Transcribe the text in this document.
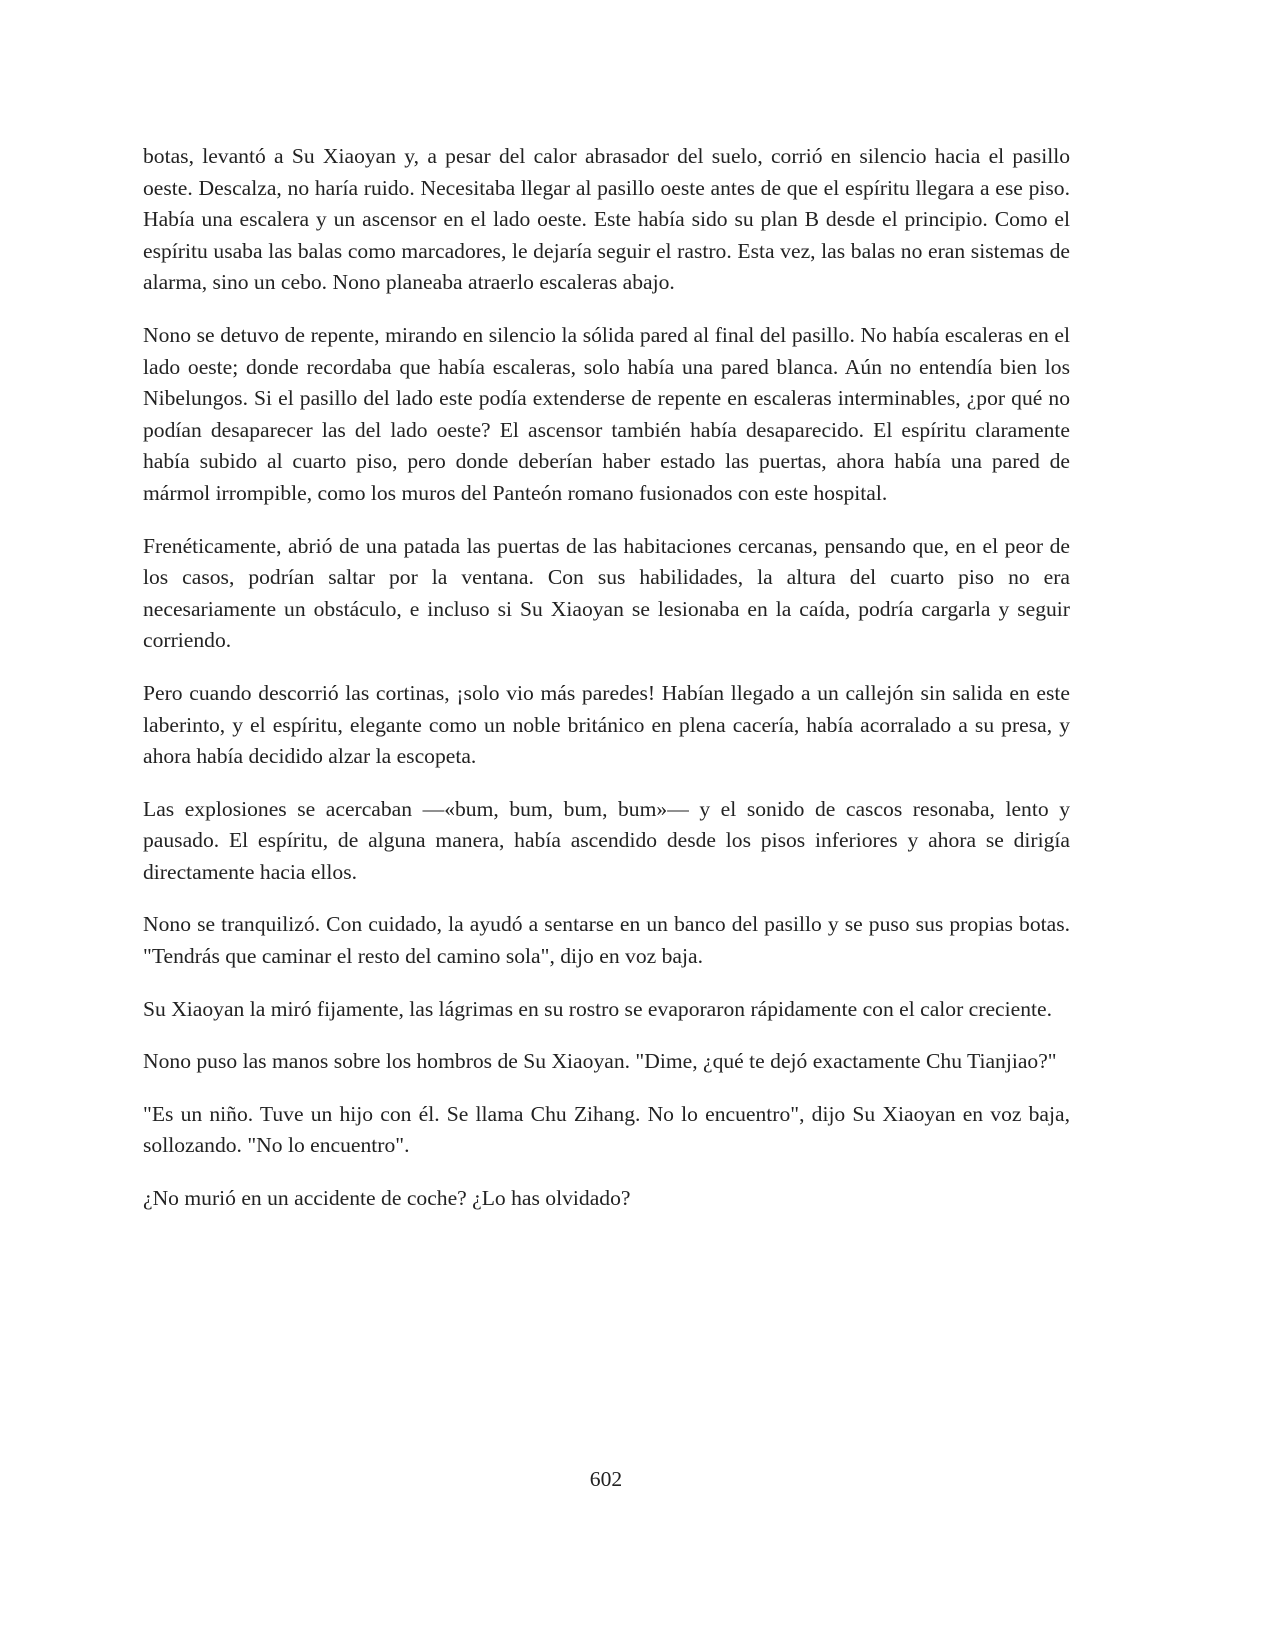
botas, levantó a Su Xiaoyan y, a pesar del calor abrasador del suelo, corrió en silencio hacia el pasillo oeste. Descalza, no haría ruido. Necesitaba llegar al pasillo oeste antes de que el espíritu llegara a ese piso. Había una escalera y un ascensor en el lado oeste. Este había sido su plan B desde el principio. Como el espíritu usaba las balas como marcadores, le dejaría seguir el rastro. Esta vez, las balas no eran sistemas de alarma, sino un cebo. Nono planeaba atraerlo escaleras abajo.

Nono se detuvo de repente, mirando en silencio la sólida pared al final del pasillo. No había escaleras en el lado oeste; donde recordaba que había escaleras, solo había una pared blanca. Aún no entendía bien los Nibelungos. Si el pasillo del lado este podía extenderse de repente en escaleras interminables, ¿por qué no podían desaparecer las del lado oeste? El ascensor también había desaparecido. El espíritu claramente había subido al cuarto piso, pero donde deberían haber estado las puertas, ahora había una pared de mármol irrompible, como los muros del Panteón romano fusionados con este hospital.

Frenéticamente, abrió de una patada las puertas de las habitaciones cercanas, pensando que, en el peor de los casos, podrían saltar por la ventana. Con sus habilidades, la altura del cuarto piso no era necesariamente un obstáculo, e incluso si Su Xiaoyan se lesionaba en la caída, podría cargarla y seguir corriendo.

Pero cuando descorrió las cortinas, ¡solo vio más paredes! Habían llegado a un callejón sin salida en este laberinto, y el espíritu, elegante como un noble británico en plena cacería, había acorralado a su presa, y ahora había decidido alzar la escopeta.

Las explosiones se acercaban —«bum, bum, bum, bum»— y el sonido de cascos resonaba, lento y pausado. El espíritu, de alguna manera, había ascendido desde los pisos inferiores y ahora se dirigía directamente hacia ellos.

Nono se tranquilizó. Con cuidado, la ayudó a sentarse en un banco del pasillo y se puso sus propias botas. "Tendrás que caminar el resto del camino sola", dijo en voz baja.

Su Xiaoyan la miró fijamente, las lágrimas en su rostro se evaporaron rápidamente con el calor creciente.

Nono puso las manos sobre los hombros de Su Xiaoyan. "Dime, ¿qué te dejó exactamente Chu Tianjiao?"

"Es un niño. Tuve un hijo con él. Se llama Chu Zihang. No lo encuentro", dijo Su Xiaoyan en voz baja, sollozando. "No lo encuentro".

¿No murió en un accidente de coche? ¿Lo has olvidado?

602
